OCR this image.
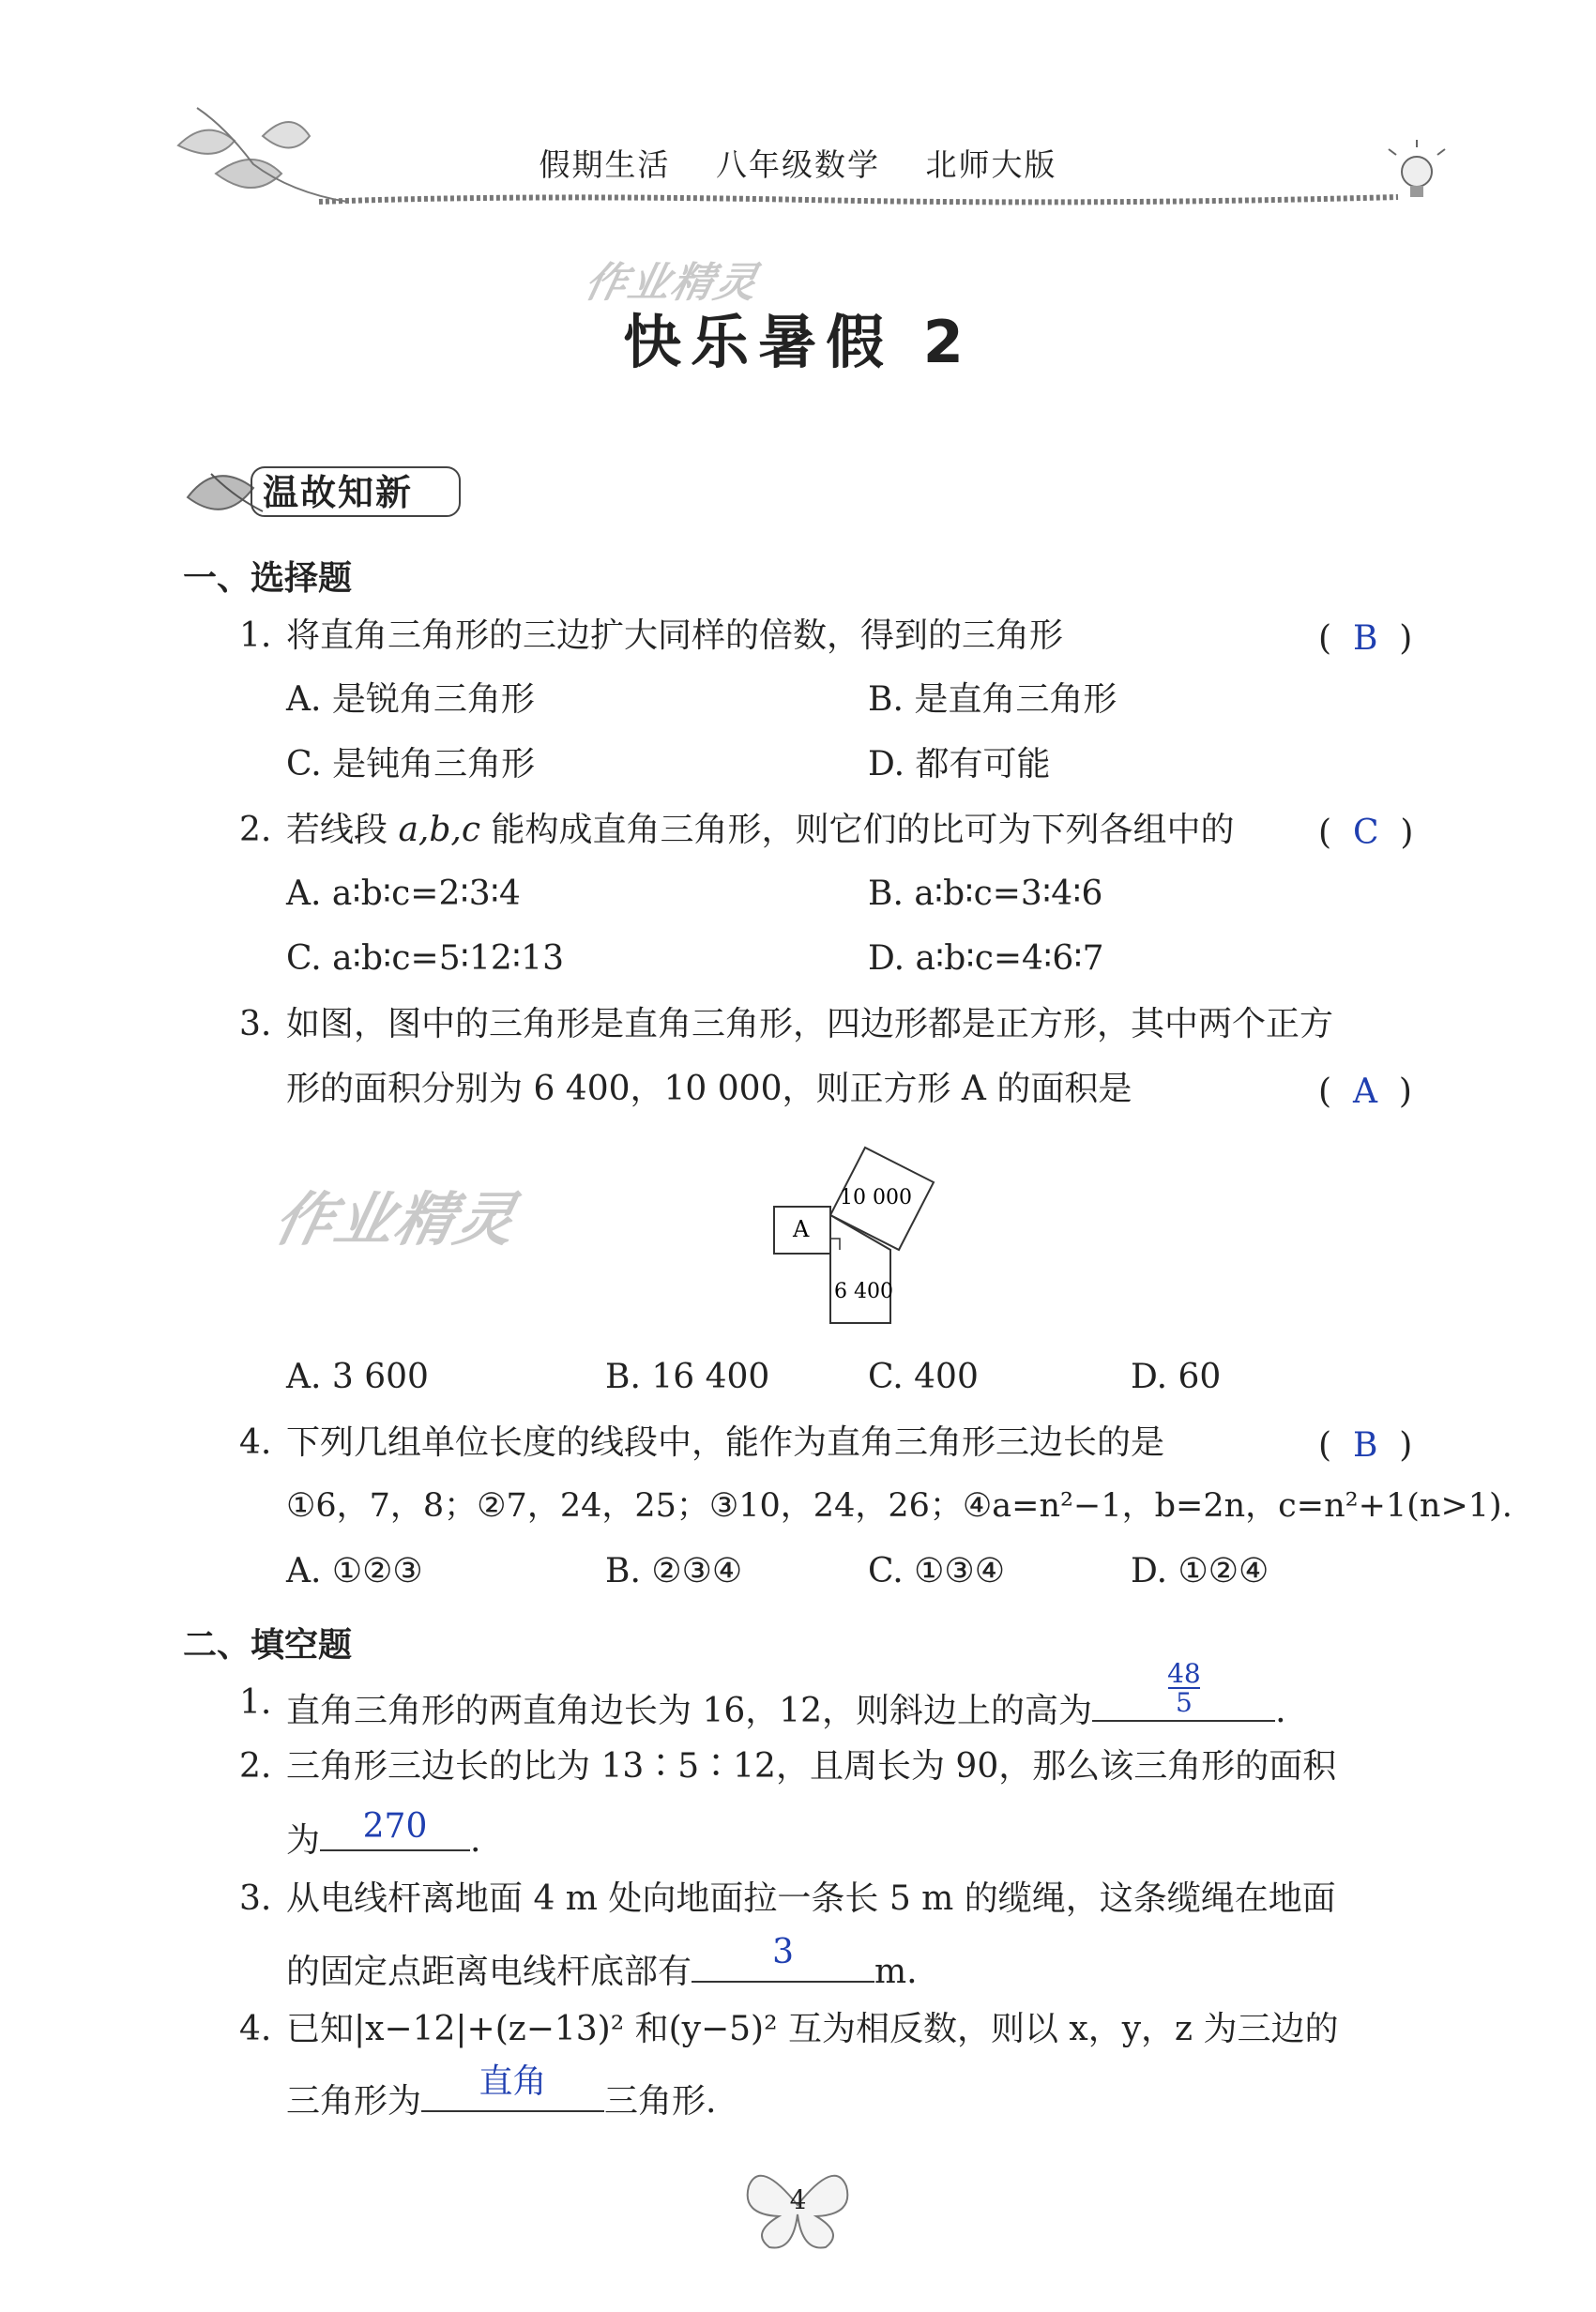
假期生活 八年级数学 北师大版
作业精灵
快乐暑假 2
温故知新
一、选择题
1. 将直角三角形的三边扩大同样的倍数，得到的三角形	(  B  )
A. 是锐角三角形	B. 是直角三角形
C. 是钝角三角形	D. 都有可能
2. 若线段 a,b,c 能构成直角三角形，则它们的比可为下列各组中的 (  C  )
A. a∶b∶c=2∶3∶4	B. a∶b∶c=3∶4∶6
C. a∶b∶c=5∶12∶13	D. a∶b∶c=4∶6∶7
3. 如图，图中的三角形是直角三角形，四边形都是正方形，其中两个正方
形的面积分别为 6 400，10 000，则正方形 A 的面积是	(  A  )
作业精灵	10 000
6 400
A
A. 3 600	B. 16 400	C. 400	D. 60
4. 下列几组单位长度的线段中，能作为直角三角形三边长的是	(  B  )
①6，7，8；②7，24，25；③10，24，26；④a=n²−1，b=2n，c=n²+1(n>1).
A. ①②③	B. ②③④	C. ①③④	D. ①②④
二、填空题
1. 直角三角形的两直角边长为 16，12，则斜边上的高为
48
5 .
2. 三角形三边长的比为 13∶5∶12，且周长为 90，那么该三角形的面积
为	270	.
3. 从电线杆离地面 4 m 处向地面拉一条长 5 m 的缆绳，这条缆绳在地面
的固定点距离电线杆底部有
3
m.
4. 已知|x−12|+(z−13)² 和(y−5)² 互为相反数，则以 x，y，z 为三边的
三角形为
直角
三角形.
4
